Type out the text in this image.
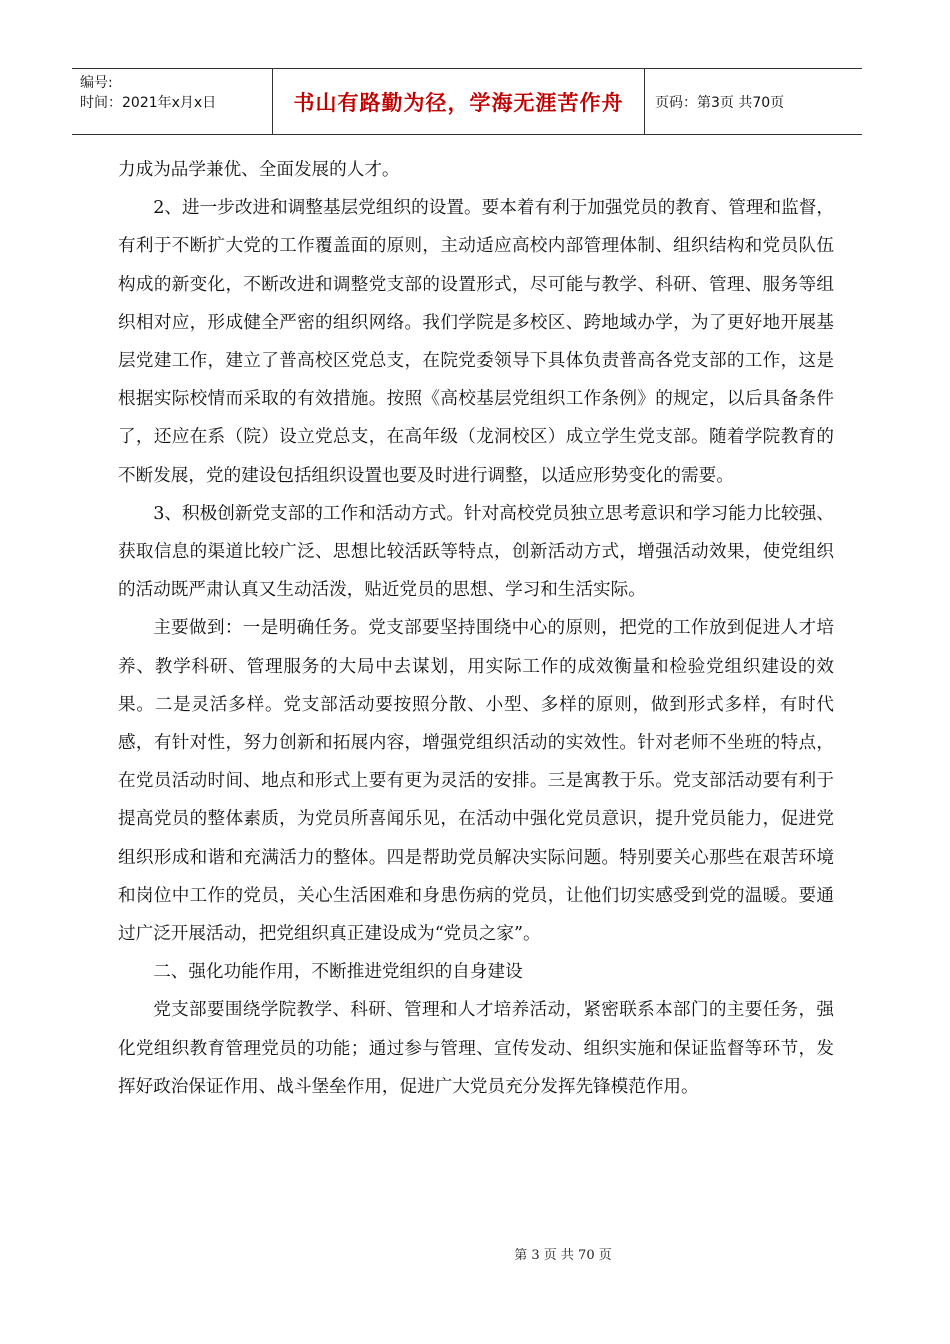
编号:
时间：2021年x月x日	书山有路勤为径，学海无涯苦作舟	页码：第3页 共70页

力成为品学兼优、全面发展的人才。

2、进一步改进和调整基层党组织的设置。要本着有利于加强党员的教育、管理和监督，有利于不断扩大党的工作覆盖面的原则，主动适应高校内部管理体制、组织结构和党员队伍构成的新变化，不断改进和调整党支部的设置形式，尽可能与教学、科研、管理、服务等组织相对应，形成健全严密的组织网络。我们学院是多校区、跨地域办学，为了更好地开展基层党建工作，建立了普高校区党总支，在院党委领导下具体负责普高各党支部的工作，这是根据实际校情而采取的有效措施。按照《高校基层党组织工作条例》的规定，以后具备条件了，还应在系（院）设立党总支，在高年级（龙洞校区）成立学生党支部。随着学院教育的不断发展，党的建设包括组织设置也要及时进行调整，以适应形势变化的需要。

3、积极创新党支部的工作和活动方式。针对高校党员独立思考意识和学习能力比较强、获取信息的渠道比较广泛、思想比较活跃等特点，创新活动方式，增强活动效果，使党组织的活动既严肃认真又生动活泼，贴近党员的思想、学习和生活实际。

主要做到：一是明确任务。党支部要坚持围绕中心的原则，把党的工作放到促进人才培养、教学科研、管理服务的大局中去谋划，用实际工作的成效衡量和检验党组织建设的效果。二是灵活多样。党支部活动要按照分散、小型、多样的原则，做到形式多样，有时代感，有针对性，努力创新和拓展内容，增强党组织活动的实效性。针对老师不坐班的特点，在党员活动时间、地点和形式上要有更为灵活的安排。三是寓教于乐。党支部活动要有利于提高党员的整体素质，为党员所喜闻乐见，在活动中强化党员意识，提升党员能力，促进党组织形成和谐和充满活力的整体。四是帮助党员解决实际问题。特别要关心那些在艰苦环境和岗位中工作的党员，关心生活困难和身患伤病的党员，让他们切实感受到党的温暖。要通过广泛开展活动，把党组织真正建设成为“党员之家”。

二、强化功能作用，不断推进党组织的自身建设

党支部要围绕学院教学、科研、管理和人才培养活动，紧密联系本部门的主要任务，强化党组织教育管理党员的功能；通过参与管理、宣传发动、组织实施和保证监督等环节，发挥好政治保证作用、战斗堡垒作用，促进广大党员充分发挥先锋模范作用。

第 3 页 共 70 页
